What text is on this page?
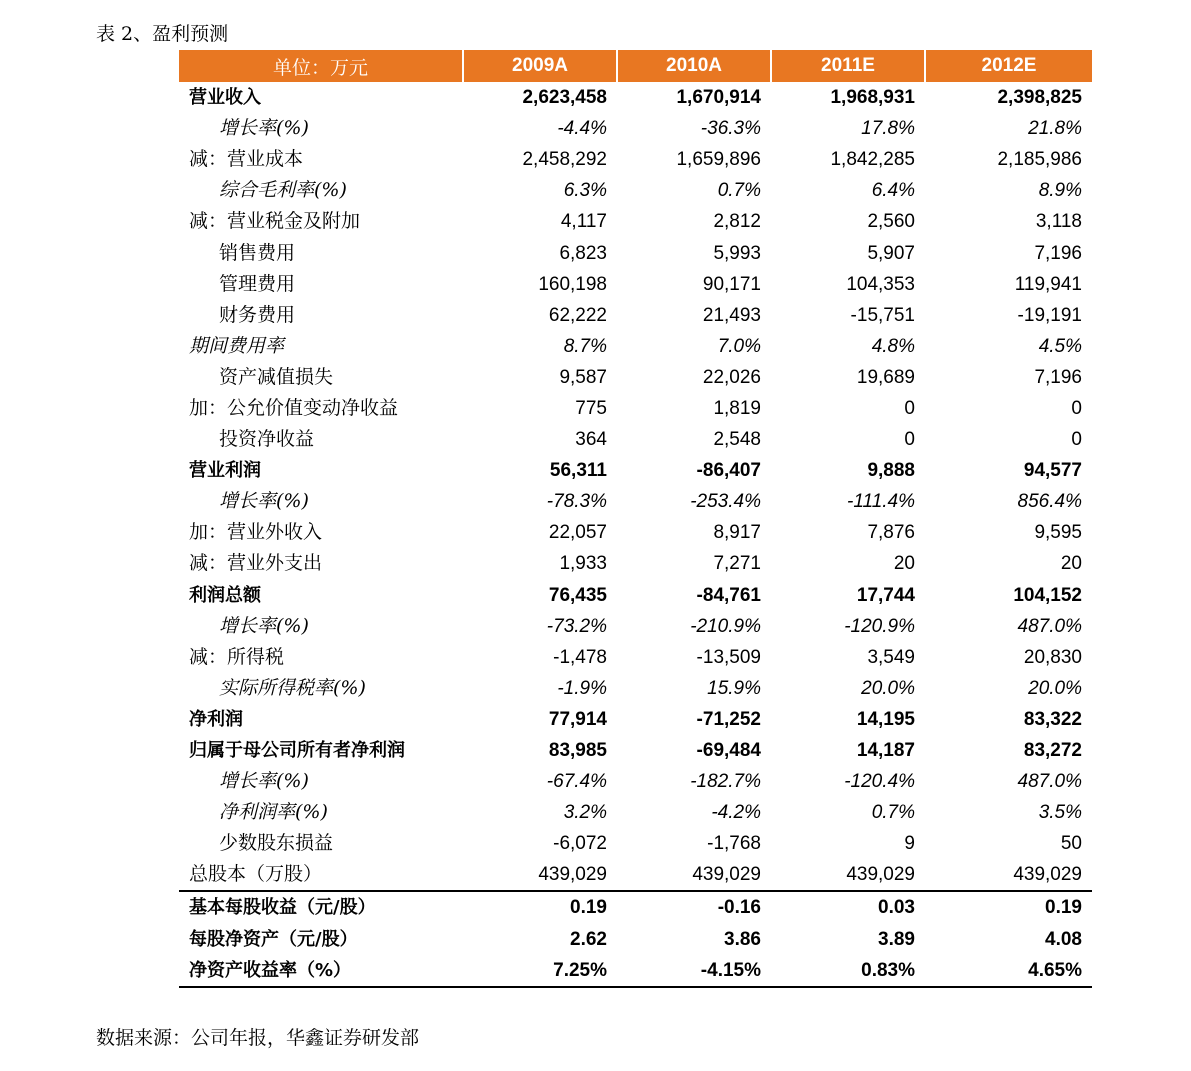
表 2、盈利预测
单位：万元	2009A	2010A	2011E	2012E
营业收入	2,623,458	1,670,914	1,968,931	2,398,825
增长率(%)	-4.4%	-36.3%	17.8%	21.8%
减：营业成本	2,458,292	1,659,896	1,842,285	2,185,986
综合毛利率(%)	6.3%	0.7%	6.4%	8.9%
减：营业税金及附加	4,117	2,812	2,560	3,118
销售费用	6,823	5,993	5,907	7,196
管理费用	160,198	90,171	104,353	119,941
财务费用	62,222	21,493	-15,751	-19,191
期间费用率	8.7%	7.0%	4.8%	4.5%
资产减值损失	9,587	22,026	19,689	7,196
加：公允价值变动净收益	775	1,819	0	0
投资净收益	364	2,548	0	0
营业利润	56,311	-86,407	9,888	94,577
增长率(%)	-78.3%	-253.4%	-111.4%	856.4%
加：营业外收入	22,057	8,917	7,876	9,595
减：营业外支出	1,933	7,271	20	20
利润总额	76,435	-84,761	17,744	104,152
增长率(%)	-73.2%	-210.9%	-120.9%	487.0%
减：所得税	-1,478	-13,509	3,549	20,830
实际所得税率(%)	-1.9%	15.9%	20.0%	20.0%
净利润	77,914	-71,252	14,195	83,322
归属于母公司所有者净利润	83,985	-69,484	14,187	83,272
增长率(%)	-67.4%	-182.7%	-120.4%	487.0%
净利润率(%)	3.2%	-4.2%	0.7%	3.5%
少数股东损益	-6,072	-1,768	9	50
总股本（万股）	439,029	439,029	439,029	439,029
基本每股收益（元/股）	0.19	-0.16	0.03	0.19
每股净资产（元/股）	2.62	3.86	3.89	4.08
净资产收益率（%）	7.25%	-4.15%	0.83%	4.65%
数据来源：公司年报，华鑫证券研发部
